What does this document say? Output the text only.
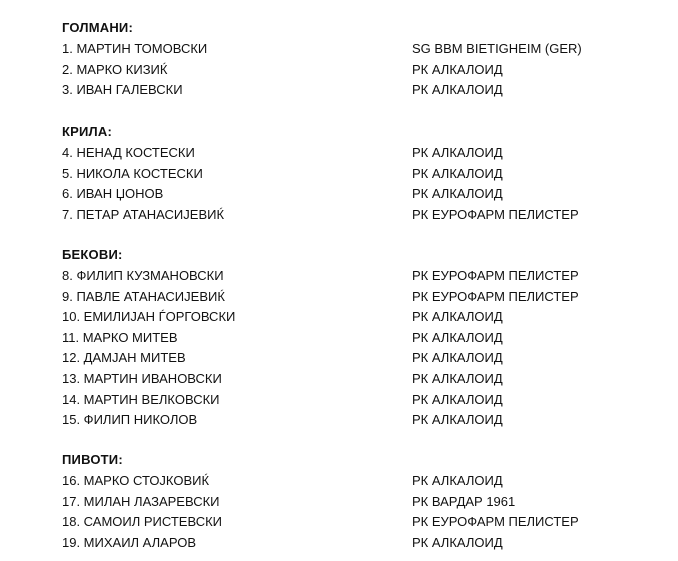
ГОЛМАНИ:
1. МАРТИН ТОМОВСКИ	SG BBM BIETIGHEIM (GER)
2. МАРКО КИЗИЌ	РК АЛКАЛОИД
3. ИВАН ГАЛЕВСКИ	РК АЛКАЛОИД
КРИЛА:
4. НЕНАД КОСТЕСКИ	РК АЛКАЛОИД
5. НИКОЛА КОСТЕСКИ	РК АЛКАЛОИД
6. ИВАН ЏОНОВ	РК АЛКАЛОИД
7. ПЕТАР АТАНАСИЈЕВИЌ	РК ЕУРОФАРМ ПЕЛИСТЕР
БЕКОВИ:
8. ФИЛИП КУЗМАНОВСКИ	РК ЕУРОФАРМ ПЕЛИСТЕР
9. ПАВЛЕ АТАНАСИЈЕВИЌ	РК ЕУРОФАРМ ПЕЛИСТЕР
10. ЕМИЛИЈАН ЃОРГОВСКИ	РК АЛКАЛОИД
11. МАРКО МИТЕВ	РК АЛКАЛОИД
12. ДАМЈАН МИТЕВ	РК АЛКАЛОИД
13. МАРТИН ИВАНОВСКИ	РК АЛКАЛОИД
14. МАРТИН ВЕЛКОВСКИ	РК АЛКАЛОИД
15. ФИЛИП НИКОЛОВ	РК АЛКАЛОИД
ПИВОТИ:
16. МАРКО СТОЈКОВИЌ	РК АЛКАЛОИД
17. МИЛАН ЛАЗАРЕВСКИ	РК ВАРДАР 1961
18. САМОИЛ РИСТЕВСКИ	РК ЕУРОФАРМ ПЕЛИСТЕР
19. МИХАИЛ АЛАРОВ	РК АЛКАЛОИД
